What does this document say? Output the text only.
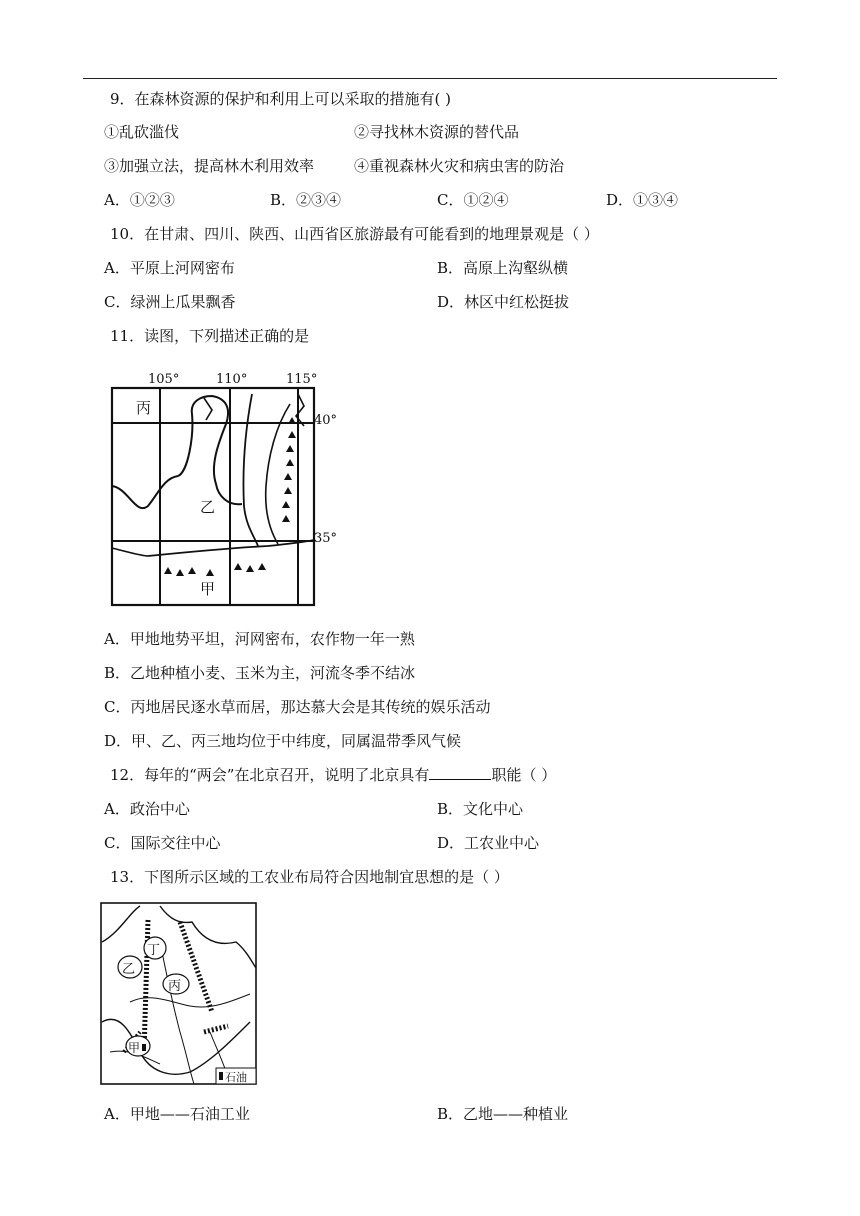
9．在森林资源的保护和利用上可以采取的措施有( )
①乱砍滥伐	②寻找林木资源的替代品
③加强立法，提高林木利用效率	④重视森林火灾和病虫害的防治
A．①②③	B．②③④	C．①②④	D．①③④
10．在甘肃、四川、陕西、山西省区旅游最有可能看到的地理景观是（ ）
A．平原上河网密布	B．高原上沟壑纵横
C．绿洲上瓜果飘香	D．林区中红松挺拔
11．读图，下列描述正确的是
105°	110°	115°
40°
35°
丙
乙
甲
A．甲地地势平坦，河网密布，农作物一年一熟
B．乙地种植小麦、玉米为主，河流冬季不结冰
C．丙地居民逐水草而居，那达慕大会是其传统的娱乐活动
D．甲、乙、丙三地均位于中纬度，同属温带季风气候
12．每年的“两会”在北京召开，说明了北京具有	职能（ ）
A．政治中心	B．文化中心
C．国际交往中心	D．工农业中心
13．下图所示区域的工农业布局符合因地制宜思想的是（ ）
丁
乙
丙
甲
石油
A．甲地——石油工业	B．乙地——种植业
